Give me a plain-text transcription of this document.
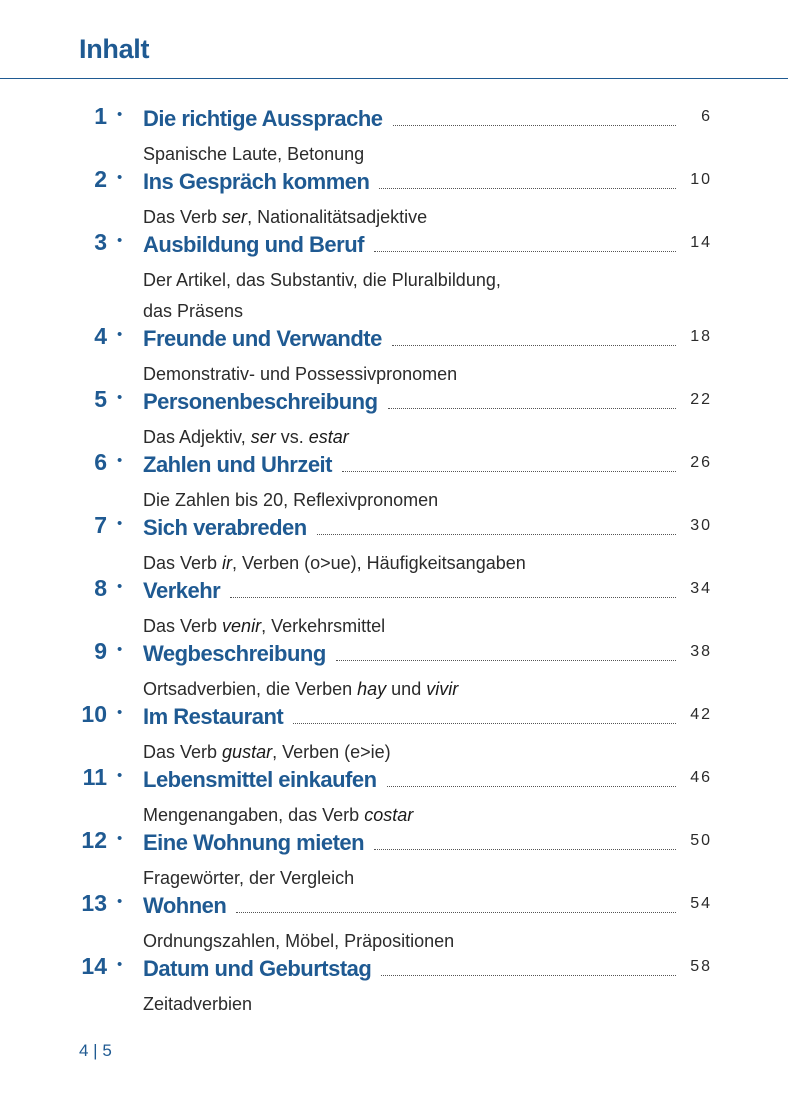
Inhalt
1 • Die richtige Aussprache	6
Spanische Laute, Betonung
2 • Ins Gespräch kommen	10
Das Verb ser, Nationalitätsadjektive
3 • Ausbildung und Beruf	14
Der Artikel, das Substantiv, die Pluralbildung,
das Präsens
4 • Freunde und Verwandte	18
Demonstrativ- und Possessivpronomen
5 • Personenbeschreibung	22
Das Adjektiv, ser vs. estar
6 • Zahlen und Uhrzeit	26
Die Zahlen bis 20, Reflexivpronomen
7 • Sich verabreden	30
Das Verb ir, Verben (o>ue), Häufigkeitsangaben
8 • Verkehr	34
Das Verb venir, Verkehrsmittel
9 • Wegbeschreibung	38
Ortsadverbien, die Verben hay und vivir
10 • Im Restaurant	42
Das Verb gustar, Verben (e>ie)
11 • Lebensmittel einkaufen	46
Mengenangaben, das Verb costar
12 • Eine Wohnung mieten	50
Fragewörter, der Vergleich
13 • Wohnen	54
Ordnungszahlen, Möbel, Präpositionen
14 • Datum und Geburtstag	58
Zeitadverbien
4 | 5
